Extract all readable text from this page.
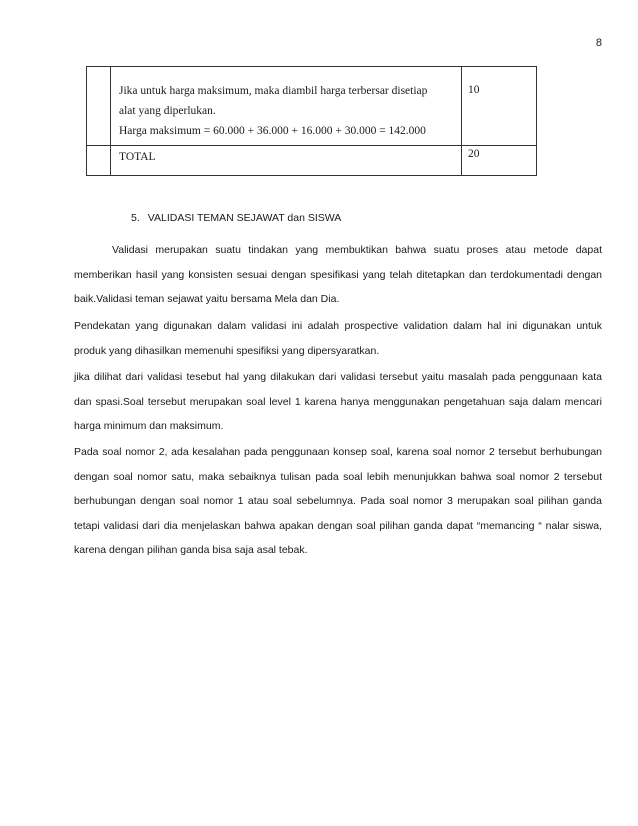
8

	Jika untuk harga maksimum, maka diambil harga terbersar disetiap
alat yang diperlukan.
Harga maksimum = 60.000 + 36.000 + 16.000 + 30.000 = 142.000	10
	TOTAL	20
5. VALIDASI TEMAN SEJAWAT dan SISWA

Validasi merupakan suatu tindakan yang membuktikan bahwa suatu proses atau metode dapat memberikan hasil yang konsisten sesuai dengan spesifikasi yang telah ditetapkan dan terdokumentadi dengan baik.Validasi teman sejawat yaitu bersama Mela dan Dia.

Pendekatan yang digunakan dalam validasi ini adalah prospective validation dalam hal ini digunakan untuk produk yang dihasilkan memenuhi spesifiksi yang dipersyaratkan.

jika dilihat dari validasi tesebut hal yang dilakukan dari validasi tersebut yaitu masalah pada penggunaan kata dan spasi.Soal tersebut merupakan soal level 1 karena hanya menggunakan pengetahuan saja dalam mencari harga minimum dan maksimum.

Pada soal nomor 2, ada kesalahan pada penggunaan konsep soal, karena soal nomor 2 tersebut berhubungan dengan soal nomor satu, maka sebaiknya tulisan pada soal lebih menunjukkan bahwa soal nomor 2 tersebut berhubungan dengan soal nomor 1 atau soal sebelumnya. Pada soal nomor 3 merupakan soal pilihan ganda tetapi validasi dari dia menjelaskan bahwa apakan dengan soal pilihan ganda dapat “memancing “ nalar siswa, karena dengan pilihan ganda bisa saja asal tebak.
